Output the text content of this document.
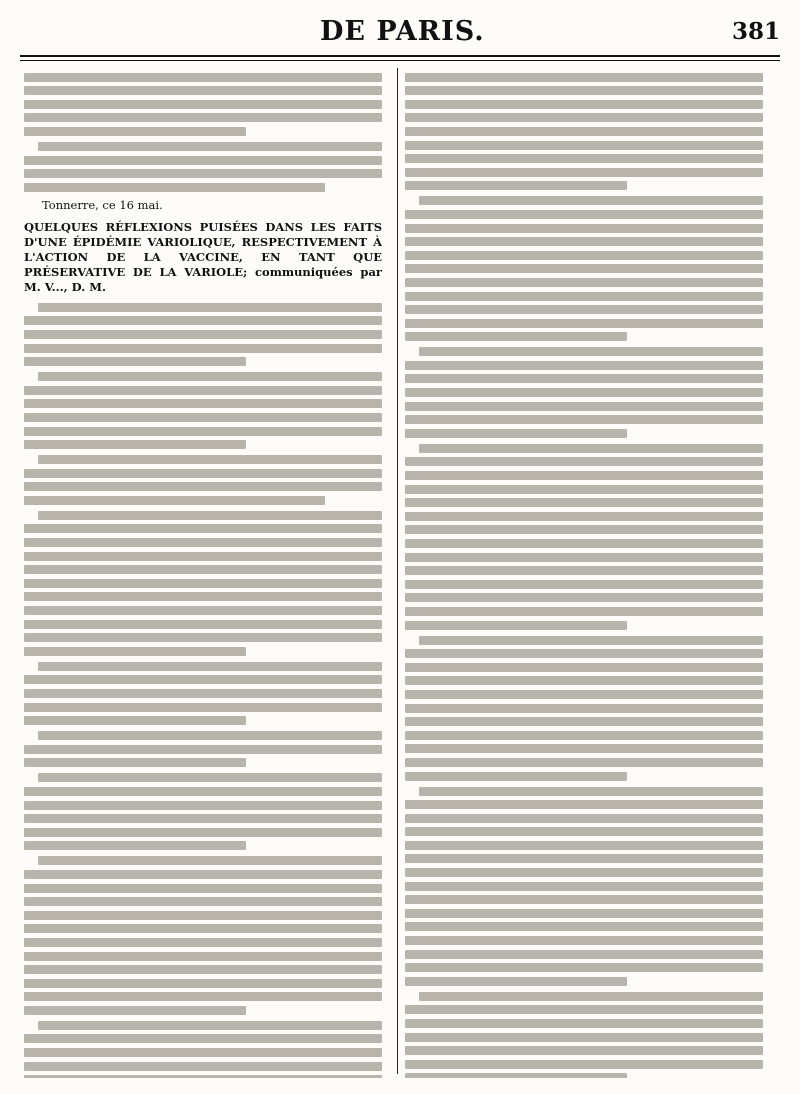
DE PARIS.	381
Tonnerre, ce 16 mai.
QUELQUES RÉFLEXIONS PUISÉES DANS LES FAITS D'UNE ÉPIDÉMIE VARIOLIQUE, RESPECTIVEMENT À L'ACTION DE LA VACCINE, EN TANT QUE PRÉSERVATIVE DE LA VARIOLE; communiquées par M. V..., D. M.
